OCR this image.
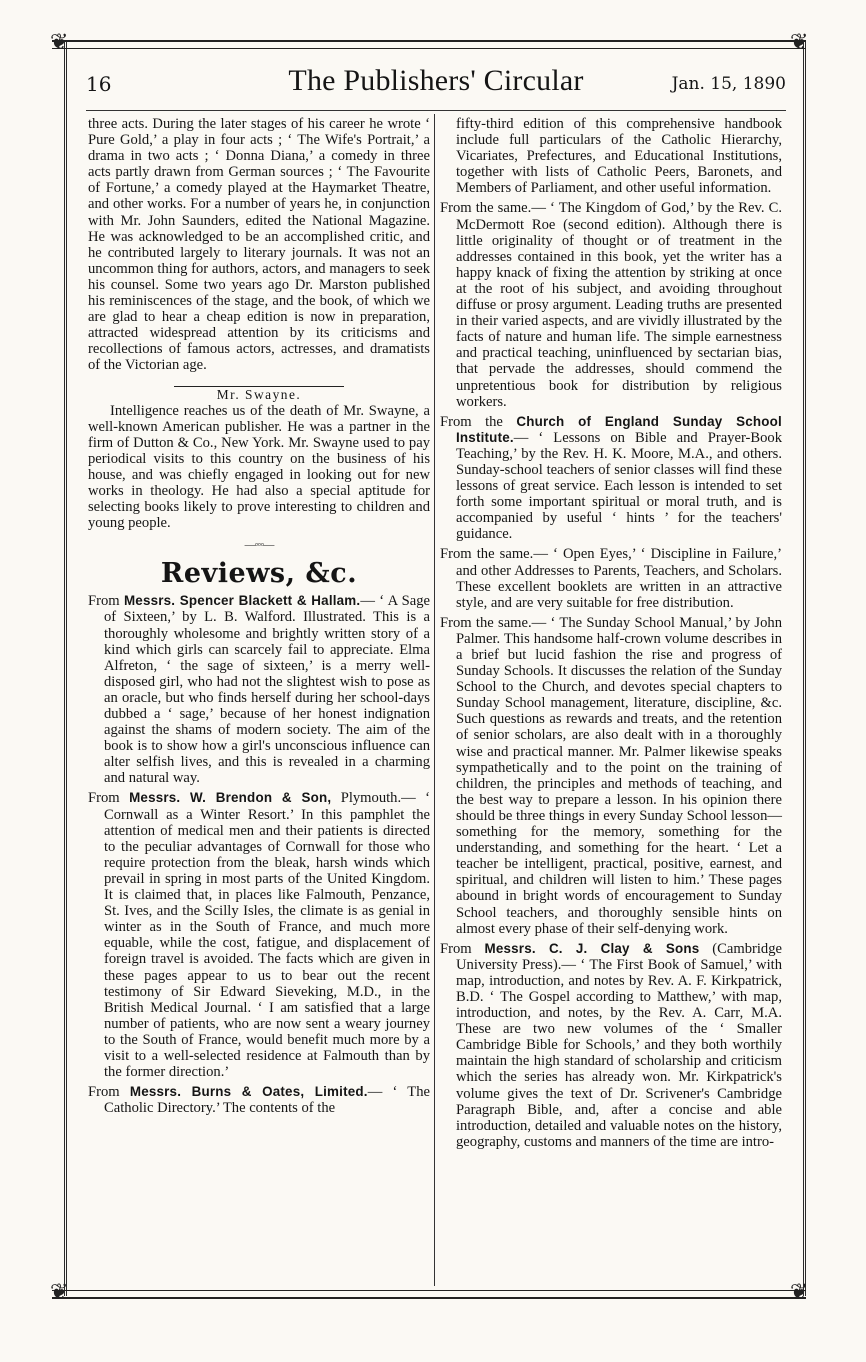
❦	❦
❦	❦
16	The Publishers' Circular	Jan. 15, 1890

three acts. During the later stages of his career he wrote ‘ Pure Gold,’ a play in four acts ; ‘ The Wife's Portrait,’ a drama in two acts ; ‘ Donna Diana,’ a comedy in three acts partly drawn from German sources ; ‘ The Favourite of Fortune,’ a comedy played at the Haymarket Theatre, and other works. For a number of years he, in conjunction with Mr. John Saunders, edited the National Magazine. He was acknowledged to be an accomplished critic, and he contributed largely to literary journals. It was not an uncommon thing for authors, actors, and managers to seek his counsel. Some two years ago Dr. Marston published his reminiscences of the stage, and the book, of which we are glad to hear a cheap edition is now in preparation, attracted widespread attention by its criticisms and recollections of famous actors, actresses, and dramatists of the Victorian age.

Mr. Swayne.

Intelligence reaches us of the death of Mr. Swayne, a well-known American publisher. He was a partner in the firm of Dutton & Co., New York. Mr. Swayne used to pay periodical visits to this country on the business of his house, and was chiefly engaged in looking out for new works in theology. He had also a special aptitude for selecting books likely to prove interesting to children and young people.

—◦◦◦—
Reviews, &c.

From Messrs. Spencer Blackett & Hallam.— ‘ A Sage of Sixteen,’ by L. B. Walford. Illustrated. This is a thoroughly wholesome and brightly written story of a kind which girls can scarcely fail to appreciate. Elma Alfreton, ‘ the sage of sixteen,’ is a merry well-disposed girl, who had not the slightest wish to pose as an oracle, but who finds herself during her school-days dubbed a ‘ sage,’ because of her honest indignation against the shams of modern society. The aim of the book is to show how a girl's unconscious influence can alter selfish lives, and this is revealed in a charming and natural way.

From Messrs. W. Brendon & Son, Plymouth.— ‘ Cornwall as a Winter Resort.’ In this pamphlet the attention of medical men and their patients is directed to the peculiar advantages of Cornwall for those who require protection from the bleak, harsh winds which prevail in spring in most parts of the United Kingdom. It is claimed that, in places like Falmouth, Penzance, St. Ives, and the Scilly Isles, the climate is as genial in winter as in the South of France, and much more equable, while the cost, fatigue, and displacement of foreign travel is avoided. The facts which are given in these pages appear to us to bear out the recent testimony of Sir Edward Sieveking, M.D., in the British Medical Journal. ‘ I am satisfied that a large number of patients, who are now sent a weary journey to the South of France, would benefit much more by a visit to a well-selected residence at Falmouth than by the former direction.’

From Messrs. Burns & Oates, Limited.— ‘ The Catholic Directory.’ The contents of the

fifty-third edition of this comprehensive handbook include full particulars of the Catholic Hierarchy, Vicariates, Prefectures, and Educational Institutions, together with lists of Catholic Peers, Baronets, and Members of Parliament, and other useful information.

From the same.— ‘ The Kingdom of God,’ by the Rev. C. McDermott Roe (second edition). Although there is little originality of thought or of treatment in the addresses contained in this book, yet the writer has a happy knack of fixing the attention by striking at once at the root of his subject, and avoiding throughout diffuse or prosy argument. Leading truths are presented in their varied aspects, and are vividly illustrated by the facts of nature and human life. The simple earnestness and practical teaching, uninfluenced by sectarian bias, that pervade the addresses, should commend the unpretentious book for distribution by religious workers.

From the Church of England Sunday School Institute.— ‘ Lessons on Bible and Prayer-Book Teaching,’ by the Rev. H. K. Moore, M.A., and others. Sunday-school teachers of senior classes will find these lessons of great service. Each lesson is intended to set forth some important spiritual or moral truth, and is accompanied by useful ‘ hints ’ for the teachers' guidance.

From the same.— ‘ Open Eyes,’ ‘ Discipline in Failure,’ and other Addresses to Parents, Teachers, and Scholars. These excellent booklets are written in an attractive style, and are very suitable for free distribution.

From the same.— ‘ The Sunday School Manual,’ by John Palmer. This handsome half-crown volume describes in a brief but lucid fashion the rise and progress of Sunday Schools. It discusses the relation of the Sunday School to the Church, and devotes special chapters to Sunday School management, literature, discipline, &c. Such questions as rewards and treats, and the retention of senior scholars, are also dealt with in a thoroughly wise and practical manner. Mr. Palmer likewise speaks sympathetically and to the point on the training of children, the principles and methods of teaching, and the best way to prepare a lesson. In his opinion there should be three things in every Sunday School lesson—something for the memory, something for the understanding, and something for the heart. ‘ Let a teacher be intelligent, practical, positive, earnest, and spiritual, and children will listen to him.’ These pages abound in bright words of encouragement to Sunday School teachers, and thoroughly sensible hints on almost every phase of their self-denying work.

From Messrs. C. J. Clay & Sons (Cambridge University Press).— ‘ The First Book of Samuel,’ with map, introduction, and notes by Rev. A. F. Kirkpatrick, B.D. ‘ The Gospel according to Matthew,’ with map, introduction, and notes, by the Rev. A. Carr, M.A. These are two new volumes of the ‘ Smaller Cambridge Bible for Schools,’ and they both worthily maintain the high standard of scholarship and criticism which the series has already won. Mr. Kirkpatrick's volume gives the text of Dr. Scrivener's Cambridge Paragraph Bible, and, after a concise and able introduction, detailed and valuable notes on the history, geography, customs and manners of the time are intro-
